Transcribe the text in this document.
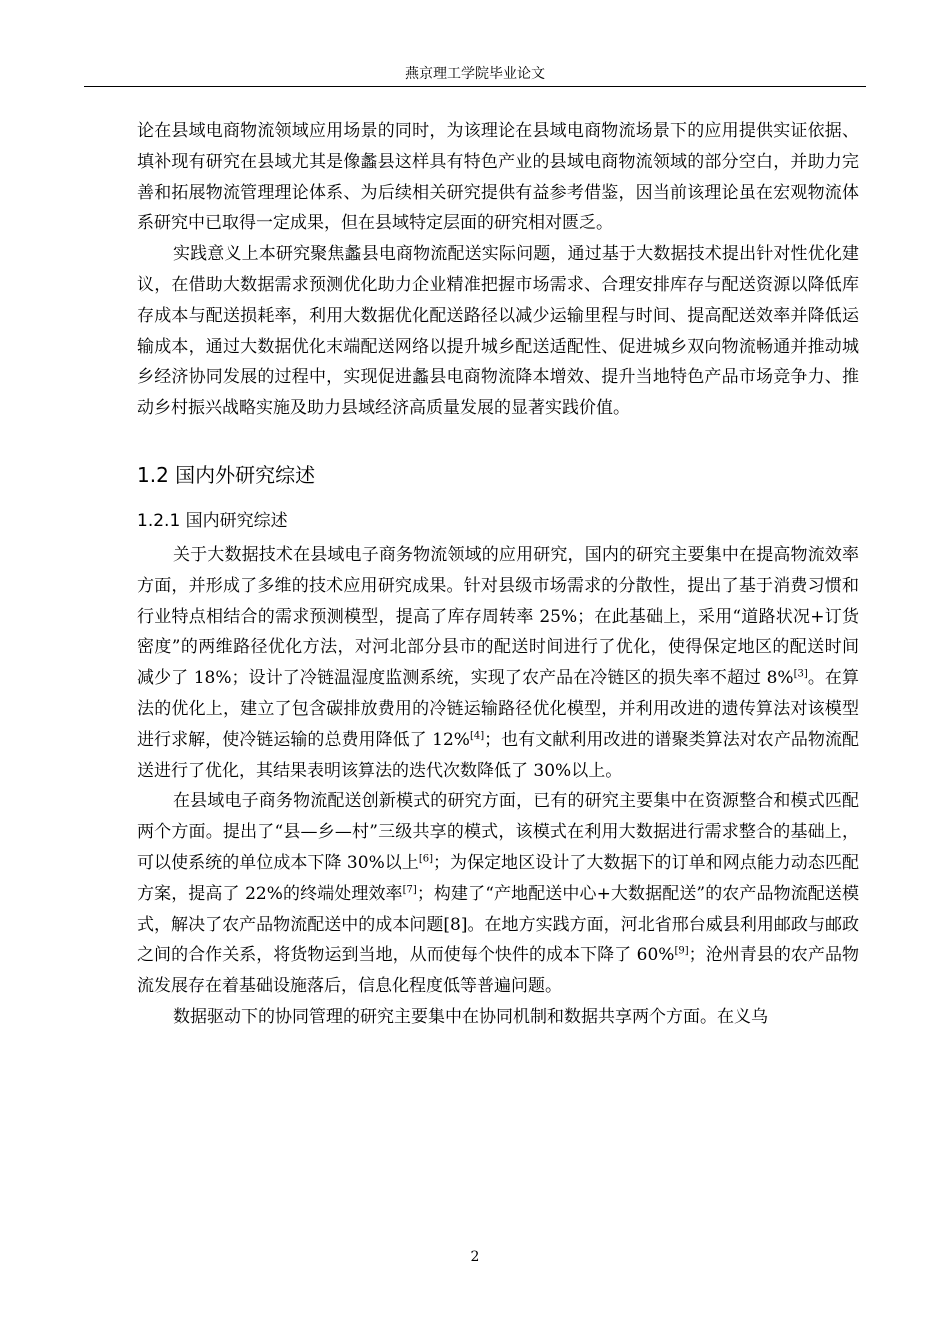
燕京理工学院毕业论文

论在县域电商物流领域应用场景的同时，为该理论在县域电商物流场景下的应用提供实证依据、填补现有研究在县域尤其是像蠡县这样具有特色产业的县域电商物流领域的部分空白，并助力完善和拓展物流管理理论体系、为后续相关研究提供有益参考借鉴，因当前该理论虽在宏观物流体系研究中已取得一定成果，但在县域特定层面的研究相对匮乏。

实践意义上本研究聚焦蠡县电商物流配送实际问题，通过基于大数据技术提出针对性优化建议，在借助大数据需求预测优化助力企业精准把握市场需求、合理安排库存与配送资源以降低库存成本与配送损耗率，利用大数据优化配送路径以减少运输里程与时间、提高配送效率并降低运输成本，通过大数据优化末端配送网络以提升城乡配送适配性、促进城乡双向物流畅通并推动城乡经济协同发展的过程中，实现促进蠡县电商物流降本增效、提升当地特色产品市场竞争力、推动乡村振兴战略实施及助力县域经济高质量发展的显著实践价值。

1.2 国内外研究综述
1.2.1 国内研究综述

关于大数据技术在县域电子商务物流领域的应用研究，国内的研究主要集中在提高物流效率方面，并形成了多维的技术应用研究成果。针对县级市场需求的分散性，提出了基于消费习惯和行业特点相结合的需求预测模型，提高了库存周转率 25%；在此基础上，采用“道路状况+订货密度”的两维路径优化方法，对河北部分县市的配送时间进行了优化，使得保定地区的配送时间减少了 18%；设计了冷链温湿度监测系统，实现了农产品在冷链区的损失率不超过 8%[3]。在算法的优化上，建立了包含碳排放费用的冷链运输路径优化模型，并利用改进的遗传算法对该模型进行求解，使冷链运输的总费用降低了 12%[4]；也有文献利用改进的谱聚类算法对农产品物流配送进行了优化，其结果表明该算法的迭代次数降低了 30%以上。

在县域电子商务物流配送创新模式的研究方面，已有的研究主要集中在资源整合和模式匹配两个方面。提出了“县—乡—村”三级共享的模式，该模式在利用大数据进行需求整合的基础上，可以使系统的单位成本下降 30%以上[6]；为保定地区设计了大数据下的订单和网点能力动态匹配方案，提高了 22%的终端处理效率[7]；构建了“产地配送中心+大数据配送”的农产品物流配送模式，解决了农产品物流配送中的成本问题[8]。在地方实践方面，河北省邢台威县利用邮政与邮政之间的合作关系，将货物运到当地，从而使每个快件的成本下降了 60%[9]；沧州青县的农产品物流发展存在着基础设施落后，信息化程度低等普遍问题。

数据驱动下的协同管理的研究主要集中在协同机制和数据共享两个方面。在义乌

2
